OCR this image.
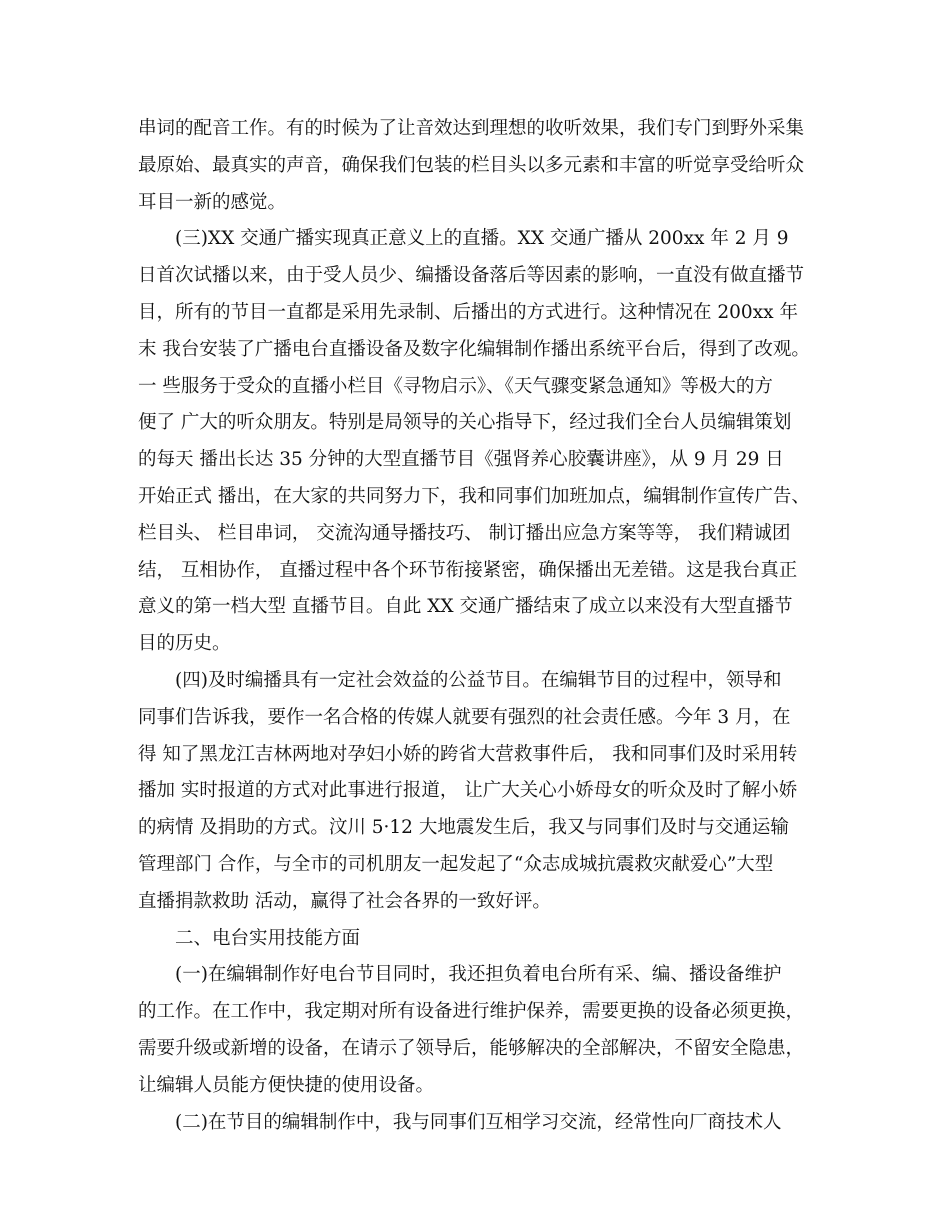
串词的配音工作。有的时候为了让音效达到理想的收听效果，我们专门到野外采集
最原始、最真实的声音，确保我们包装的栏目头以多元素和丰富的听觉享受给听众
耳目一新的感觉。
(三)XX 交通广播实现真正意义上的直播。XX 交通广播从 200xx 年 2 月 9
日首次试播以来，由于受人员少、编播设备落后等因素的影响，一直没有做直播节
目，所有的节目一直都是采用先录制、后播出的方式进行。这种情况在 200xx 年
末 我台安装了广播电台直播设备及数字化编辑制作播出系统平台后，得到了改观。
一 些服务于受众的直播小栏目《寻物启示》、《天气骤变紧急通知》等极大的方
便了 广大的听众朋友。特别是局领导的关心指导下，经过我们全台人员编辑策划
的每天 播出长达 35 分钟的大型直播节目《强肾养心胶囊讲座》，从 9 月 29 日
开始正式 播出，在大家的共同努力下，我和同事们加班加点，编辑制作宣传广告、
栏目头、 栏目串词， 交流沟通导播技巧、 制订播出应急方案等等， 我们精诚团
结， 互相协作， 直播过程中各个环节衔接紧密，确保播出无差错。这是我台真正
意义的第一档大型 直播节目。自此 XX 交通广播结束了成立以来没有大型直播节
目的历史。
(四)及时编播具有一定社会效益的公益节目。在编辑节目的过程中，领导和
同事们告诉我，要作一名合格的传媒人就要有强烈的社会责任感。今年 3 月，在
得 知了黑龙江吉林两地对孕妇小娇的跨省大营救事件后， 我和同事们及时采用转
播加 实时报道的方式对此事进行报道， 让广大关心小娇母女的听众及时了解小娇
的病情 及捐助的方式。汶川 5·12 大地震发生后，我又与同事们及时与交通运输
管理部门 合作，与全市的司机朋友一起发起了“众志成城抗震救灾献爱心”大型
直播捐款救助 活动，赢得了社会各界的一致好评。
二、电台实用技能方面
(一)在编辑制作好电台节目同时，我还担负着电台所有采、编、播设备维护
的工作。在工作中，我定期对所有设备进行维护保养，需要更换的设备必须更换，
需要升级或新增的设备，在请示了领导后，能够解决的全部解决，不留安全隐患，
让编辑人员能方便快捷的使用设备。
(二)在节目的编辑制作中，我与同事们互相学习交流，经常性向厂商技术人
